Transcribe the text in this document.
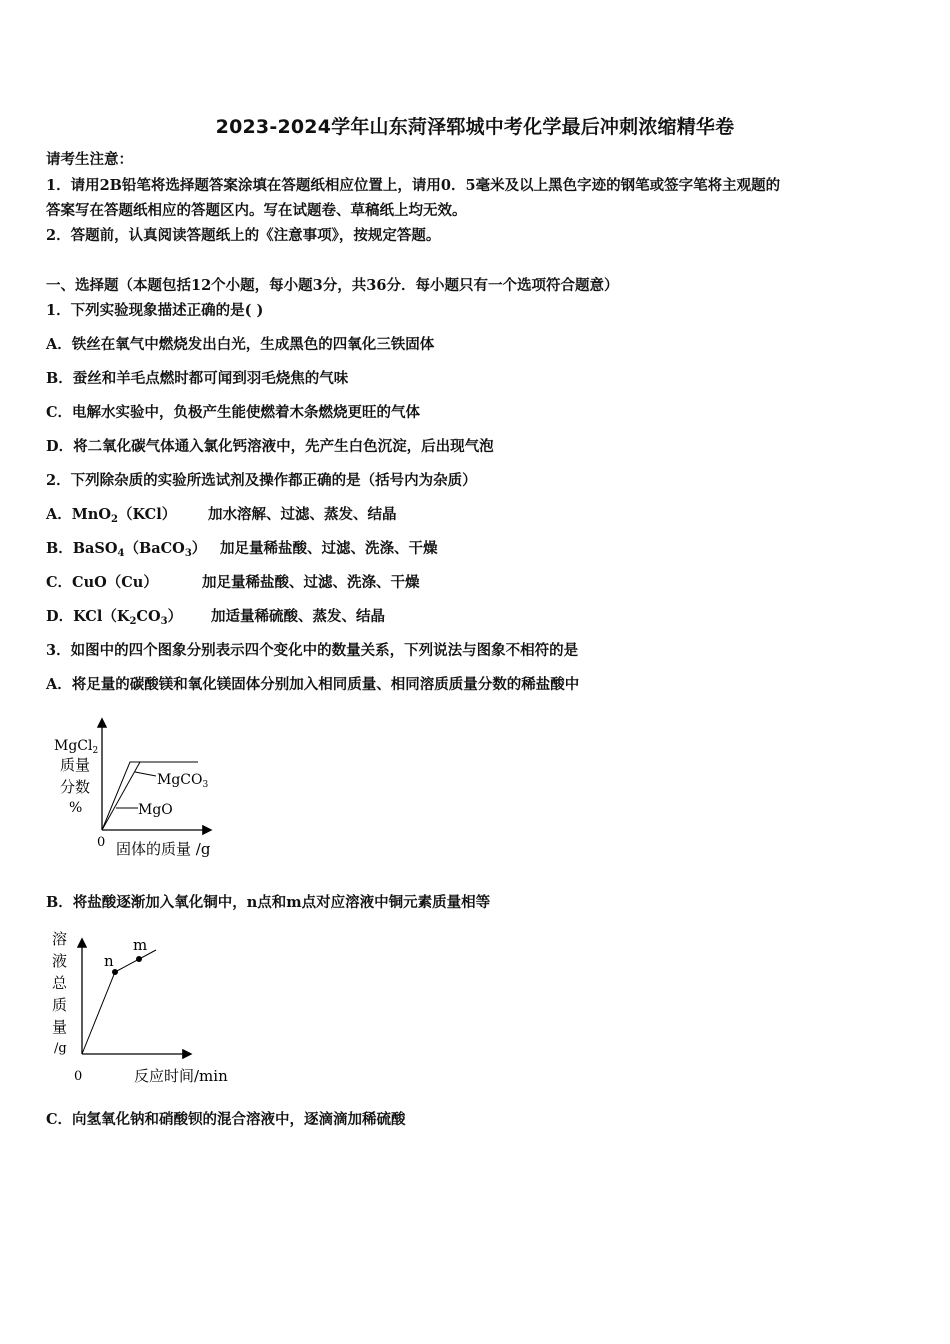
2023-2024学年山东菏泽郓城中考化学最后冲刺浓缩精华卷
请考生注意：
1．请用2B铅笔将选择题答案涂填在答题纸相应位置上，请用0．5毫米及以上黑色字迹的钢笔或签字笔将主观题的
答案写在答题纸相应的答题区内。写在试题卷、草稿纸上均无效。
2．答题前，认真阅读答题纸上的《注意事项》，按规定答题。
一、选择题（本题包括12个小题，每小题3分，共36分．每小题只有一个选项符合题意）
1．下列实验现象描述正确的是( )
A．铁丝在氧气中燃烧发出白光，生成黑色的四氧化三铁固体
B．蚕丝和羊毛点燃时都可闻到羽毛烧焦的气味
C．电解水实验中，负极产生能使燃着木条燃烧更旺的气体
D．将二氧化碳气体通入氯化钙溶液中，先产生白色沉淀，后出现气泡
2．下列除杂质的实验所选试剂及操作都正确的是（括号内为杂质）
A．MnO$_2$（KCl） 加水溶解、过滤、蒸发、结晶
B．BaSO$_4$（BaCO$_3$） 加足量稀盐酸、过滤、洗涤、干燥
C．CuO（Cu）	加足量稀盐酸、过滤、洗涤、干燥
D．$KCl(K_2CO_3)$ 加适量稀硫酸、蒸发、结晶
3．如图中的四个图象分别表示四个变化中的数量关系，下列说法与图象不相符的是
A．将足量的碳酸镁和氧化镁固体分别加入相同质量、相同溶质质量分数的稀盐酸中
MgCl$_2$
质量
分数
%
MgCO$_3$
MgO
0 固体的质量 /g
B．将盐酸逐渐加入氧化铜中，n点和m点对应溶液中铜元素质量相等
n
m
溶
液
总
质
量
/g
0	反应时间/min
C．向氢氧化钠和硝酸钡的混合溶液中，逐滴滴加稀硫酸
